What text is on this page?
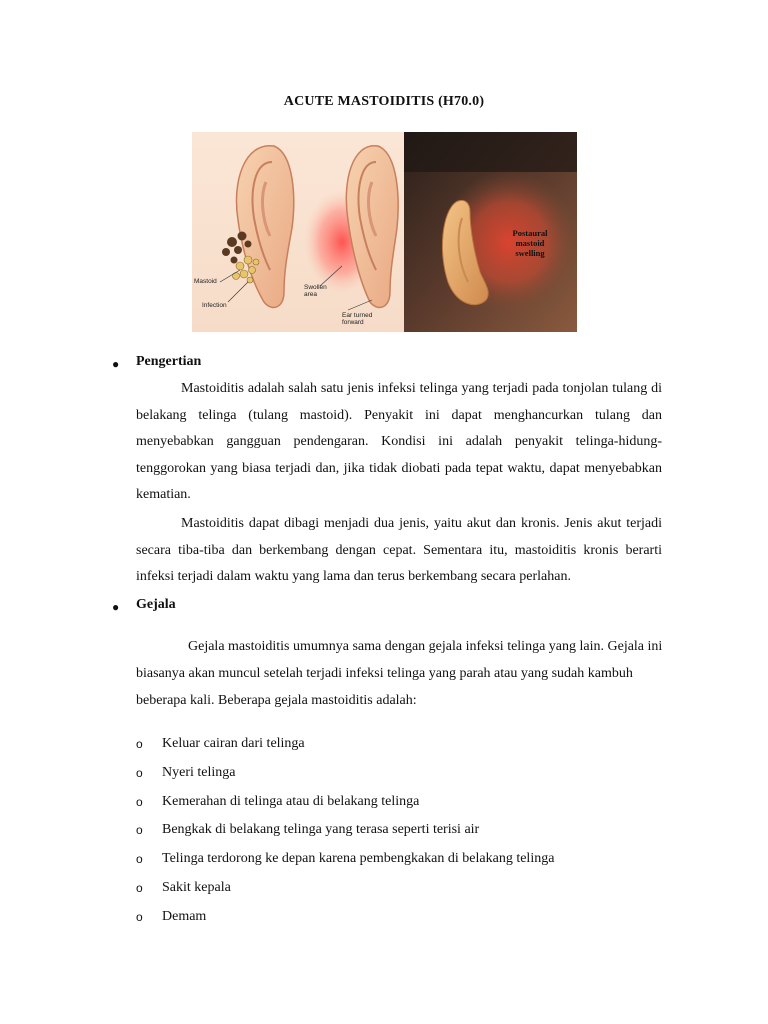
ACUTE MASTOIDITIS (H70.0)
Mastoid
Infection
Swollen
area
Ear turned
forward
Postaural
mastoid
swelling
● Pengertian

Mastoiditis adalah salah satu jenis infeksi telinga yang terjadi pada tonjolan tulang di belakang telinga (tulang mastoid). Penyakit ini dapat menghancurkan tulang dan menyebabkan gangguan pendengaran. Kondisi ini adalah penyakit telinga-hidung-tenggorokan yang biasa terjadi dan, jika tidak diobati pada tepat waktu, dapat menyebabkan kematian.

Mastoiditis dapat dibagi menjadi dua jenis, yaitu akut dan kronis. Jenis akut terjadi secara tiba-tiba dan berkembang dengan cepat. Sementara itu, mastoiditis kronis berarti infeksi terjadi dalam waktu yang lama dan terus berkembang secara perlahan.

● Gejala

Gejala mastoiditis umumnya sama dengan gejala infeksi telinga yang lain. Gejala ini biasanya akan muncul setelah terjadi infeksi telinga yang parah atau yang sudah kambuh beberapa kali. Beberapa gejala mastoiditis adalah:

o Keluar cairan dari telinga
o Nyeri telinga
o Kemerahan di telinga atau di belakang telinga
o Bengkak di belakang telinga yang terasa seperti terisi air
o Telinga terdorong ke depan karena pembengkakan di belakang telinga
o Sakit kepala
o Demam
